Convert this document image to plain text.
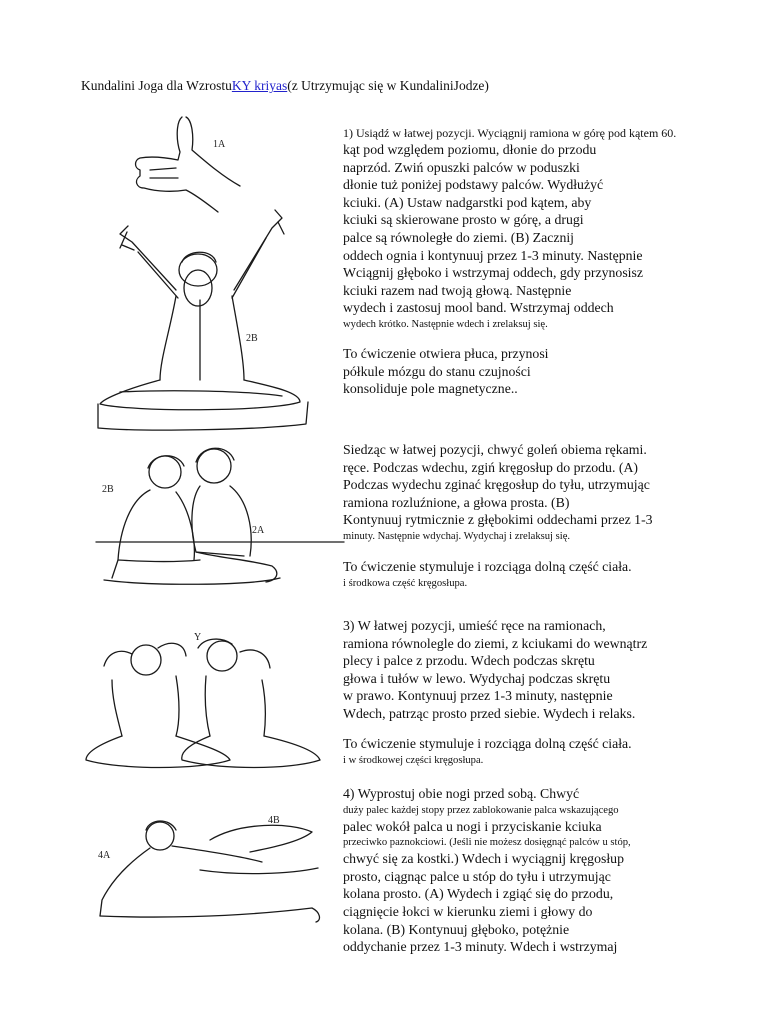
Kundalini Joga dla WzrostuKY kriyas(z Utrzymując się w KundaliniJodze)
1A
2B
2B
2A
Y
4B
4A
1) Usiądź w łatwej pozycji. Wyciągnij ramiona w górę pod kątem 60.
kąt pod względem poziomu, dłonie do przodu
naprzód. Zwiń opuszki palców w poduszki
dłonie tuż poniżej podstawy palców. Wydłużyć
kciuki. (A) Ustaw nadgarstki pod kątem, aby
kciuki są skierowane prosto w górę, a drugi
palce są równoległe do ziemi. (B) Zacznij
oddech ognia i kontynuuj przez 1-3 minuty. Następnie
Wciągnij głęboko i wstrzymaj oddech, gdy przynosisz
kciuki razem nad twoją głową. Następnie
wydech i zastosuj mool band. Wstrzymaj oddech
wydech krótko. Następnie wdech i zrelaksuj się.
To ćwiczenie otwiera płuca, przynosi
półkule mózgu do stanu czujności
konsoliduje pole magnetyczne..
Siedząc w łatwej pozycji, chwyć goleń obiema rękami.
ręce. Podczas wdechu, zgiń kręgosłup do przodu. (A)
Podczas wydechu zginać kręgosłup do tyłu, utrzymując
ramiona rozluźnione, a głowa prosta. (B)
Kontynuuj rytmicznie z głębokimi oddechami przez 1-3
minuty. Następnie wdychaj. Wydychaj i zrelaksuj się.
To ćwiczenie stymuluje i rozciąga dolną część ciała.
i środkowa część kręgosłupa.
3) W łatwej pozycji, umieść ręce na ramionach,
ramiona równolegle do ziemi, z kciukami do wewnątrz
plecy i palce z przodu. Wdech podczas skrętu
głowa i tułów w lewo. Wydychaj podczas skrętu
w prawo. Kontynuuj przez 1-3 minuty, następnie
Wdech, patrząc prosto przed siebie. Wydech i relaks.
To ćwiczenie stymuluje i rozciąga dolną część ciała.
i w środkowej części kręgosłupa.
4) Wyprostuj obie nogi przed sobą. Chwyć
duży palec każdej stopy przez zablokowanie palca wskazującego
palec wokół palca u nogi i przyciskanie kciuka
przeciwko paznokciowi. (Jeśli nie możesz dosięgnąć palców u stóp,
chwyć się za kostki.) Wdech i wyciągnij kręgosłup
prosto, ciągnąc palce u stóp do tyłu i utrzymując
kolana prosto. (A) Wydech i zgiąć się do przodu,
ciągnięcie łokci w kierunku ziemi i głowy do
kolana. (B) Kontynuuj głęboko, potężnie
oddychanie przez 1-3 minuty. Wdech i wstrzymaj
